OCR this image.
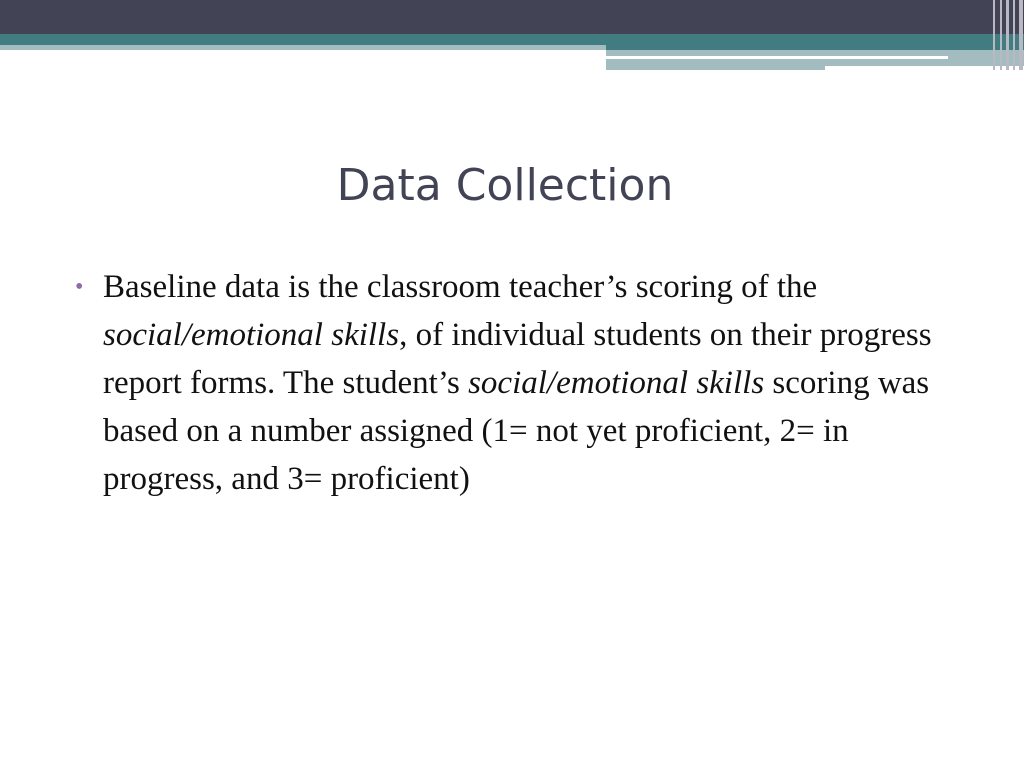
Data Collection
• Baseline data is the classroom teacher’s scoring of the social/emotional skills, of individual students on their progress report forms. The student’s social/emotional skills scoring was based on a number assigned (1= not yet proficient, 2= in progress, and 3= proficient)
